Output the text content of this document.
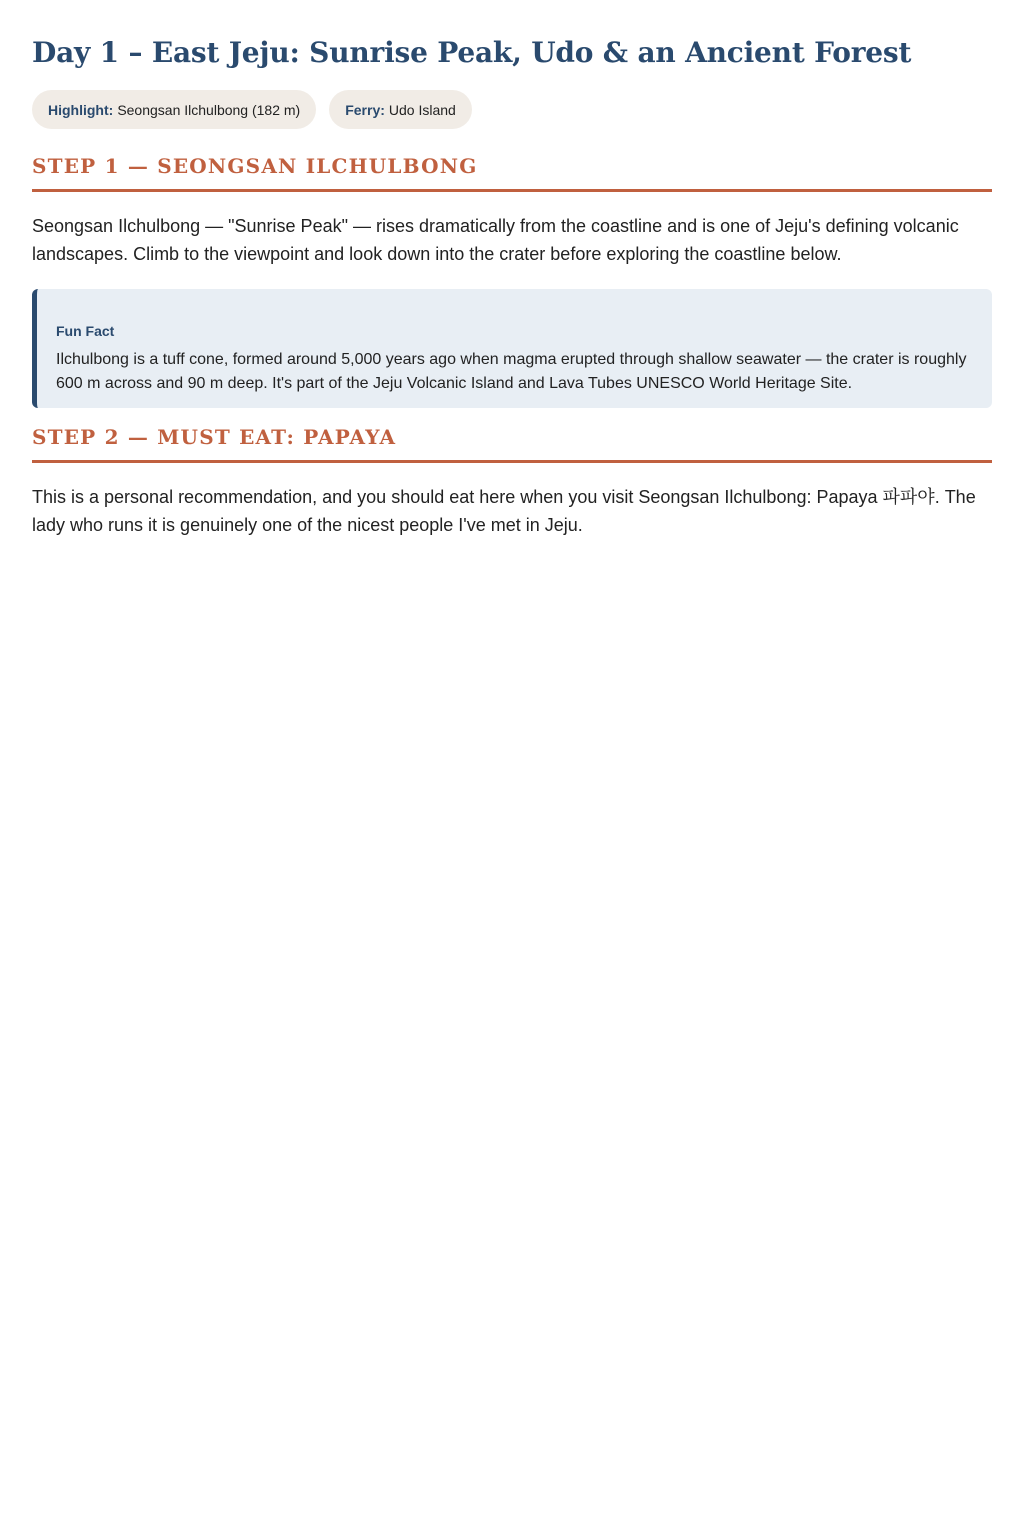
Day 1 – East Jeju: Sunrise Peak, Udo & an Ancient Forest
Highlight: Seongsan Ilchulbong (182 m)	Ferry: Udo Island
STEP 1 — SEONGSAN ILCHULBONG

Seongsan Ilchulbong — "Sunrise Peak" — rises dramatically from the coastline and is one of Jeju's defining volcanic landscapes. Climb to the viewpoint and look down into the crater before exploring the coastline below.

Fun Fact
Ilchulbong is a tuff cone, formed around 5,000 years ago when magma erupted through shallow seawater — the crater is roughly 600 m across and 90 m deep. It's part of the Jeju Volcanic Island and Lava Tubes UNESCO World Heritage Site.
STEP 2 — MUST EAT: PAPAYA

This is a personal recommendation, and you should eat here when you visit Seongsan Ilchulbong: Papaya 파파야. The lady who runs it is genuinely one of the nicest people I've met in Jeju.
